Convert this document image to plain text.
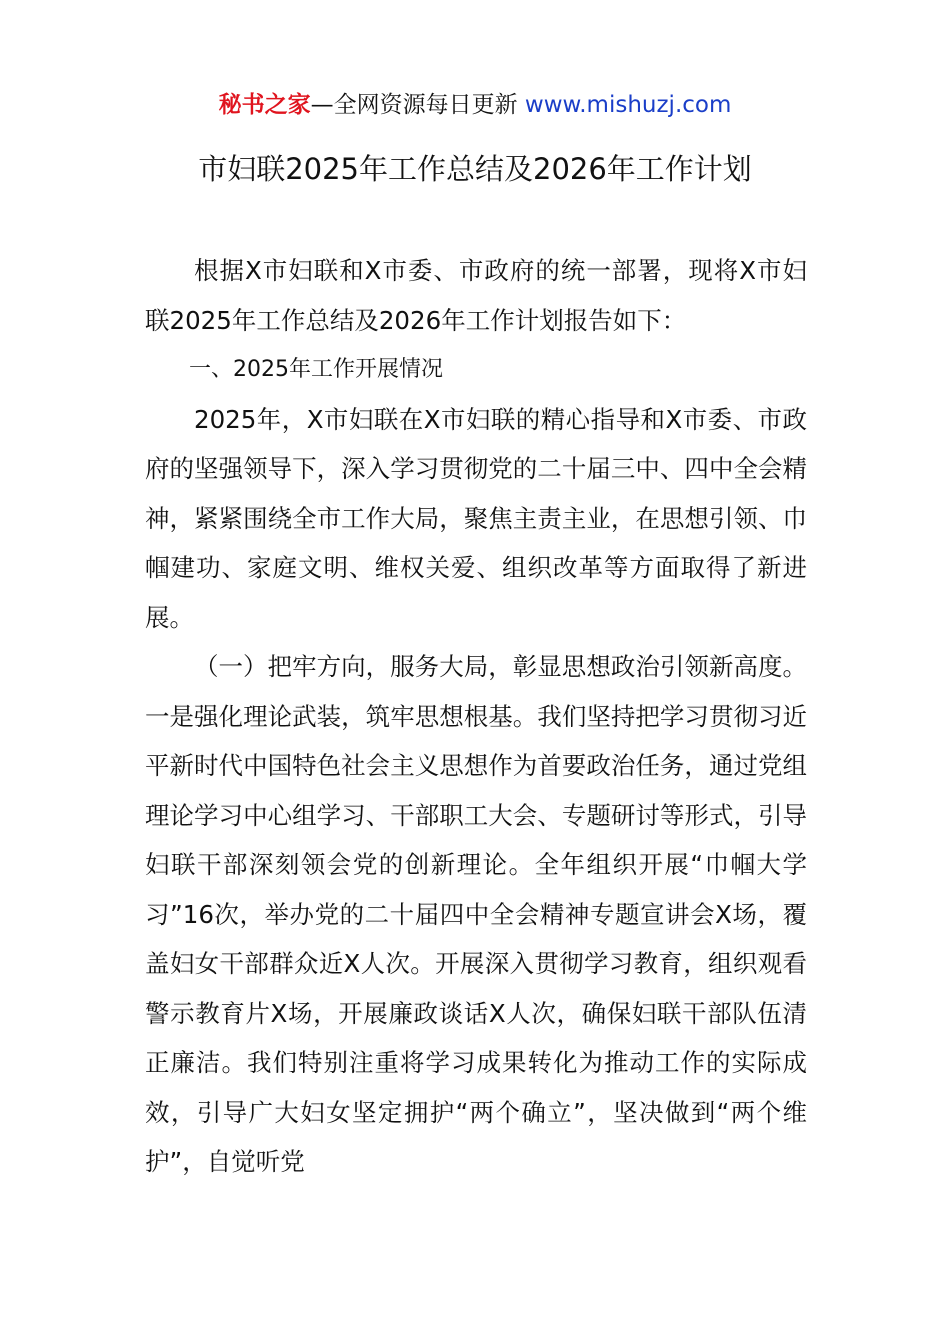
秘书之家—全网资源每日更新 www.mishuzj.com
市妇联2025年工作总结及2026年工作计划

根据X市妇联和X市委、市政府的统一部署，现将X市妇联2025年工作总结及2026年工作计划报告如下：

一、2025年工作开展情况

2025年，X市妇联在X市妇联的精心指导和X市委、市政府的坚强领导下，深入学习贯彻党的二十届三中、四中全会精神，紧紧围绕全市工作大局，聚焦主责主业，在思想引领、巾帼建功、家庭文明、维权关爱、组织改革等方面取得了新进展。

（一）把牢方向，服务大局，彰显思想政治引领新高度。一是强化理论武装，筑牢思想根基。我们坚持把学习贯彻习近平新时代中国特色社会主义思想作为首要政治任务，通过党组理论学习中心组学习、干部职工大会、专题研讨等形式，引导妇联干部深刻领会党的创新理论。全年组织开展“巾帼大学习”16次，举办党的二十届四中全会精神专题宣讲会X场，覆盖妇女干部群众近X人次。开展深入贯彻学习教育，组织观看警示教育片X场，开展廉政谈话X人次，确保妇联干部队伍清正廉洁。我们特别注重将学习成果转化为推动工作的实际成效，引导广大妇女坚定拥护“两个确立”，坚决做到“两个维护”，自觉听党
